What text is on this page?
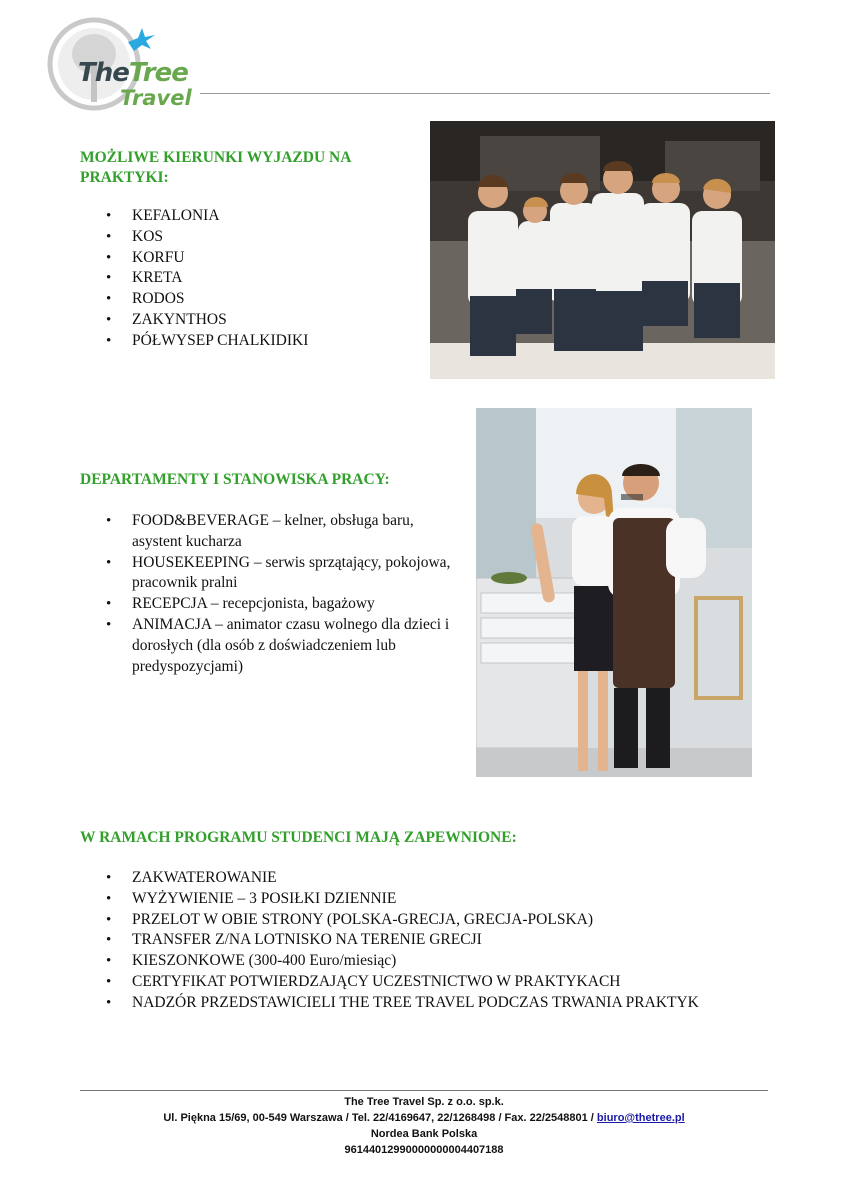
TheTree
Travel
MOŻLIWE KIERUNKI WYJAZDU NA PRAKTYKI:
• KEFALONIA
• KOS
• KORFU
• KRETA
• RODOS
• ZAKYNTHOS
• PÓŁWYSEP CHALKIDIKI
DEPARTAMENTY I STANOWISKA PRACY:
• FOOD&BEVERAGE – kelner, obsługa baru, asystent kucharza
• HOUSEKEEPING – serwis sprzątający, pokojowa, pracownik pralni
• RECEPCJA – recepcjonista, bagażowy
• ANIMACJA – animator czasu wolnego dla dzieci i dorosłych (dla osób z doświadczeniem lub predyspozycjami)
W RAMACH PROGRAMU STUDENCI MAJĄ ZAPEWNIONE:
• ZAKWATEROWANIE
• WYŻYWIENIE – 3 POSIŁKI DZIENNIE
• PRZELOT W OBIE STRONY (POLSKA-GRECJA, GRECJA-POLSKA)
• TRANSFER Z/NA LOTNISKO NA TERENIE GRECJI
• KIESZONKOWE (300-400 Euro/miesiąc)
• CERTYFIKAT POTWIERDZAJĄCY UCZESTNICTWO W PRAKTYKACH
• NADZÓR PRZEDSTAWICIELI THE TREE TRAVEL PODCZAS TRWANIA PRAKTYK
The Tree Travel Sp. z o.o. sp.k.
Ul. Piękna 15/69, 00-549 Warszawa / Tel. 22/4169647, 22/1268498 / Fax. 22/2548801 / biuro@thetree.pl
Nordea Bank Polska
96144012990000000004407188
